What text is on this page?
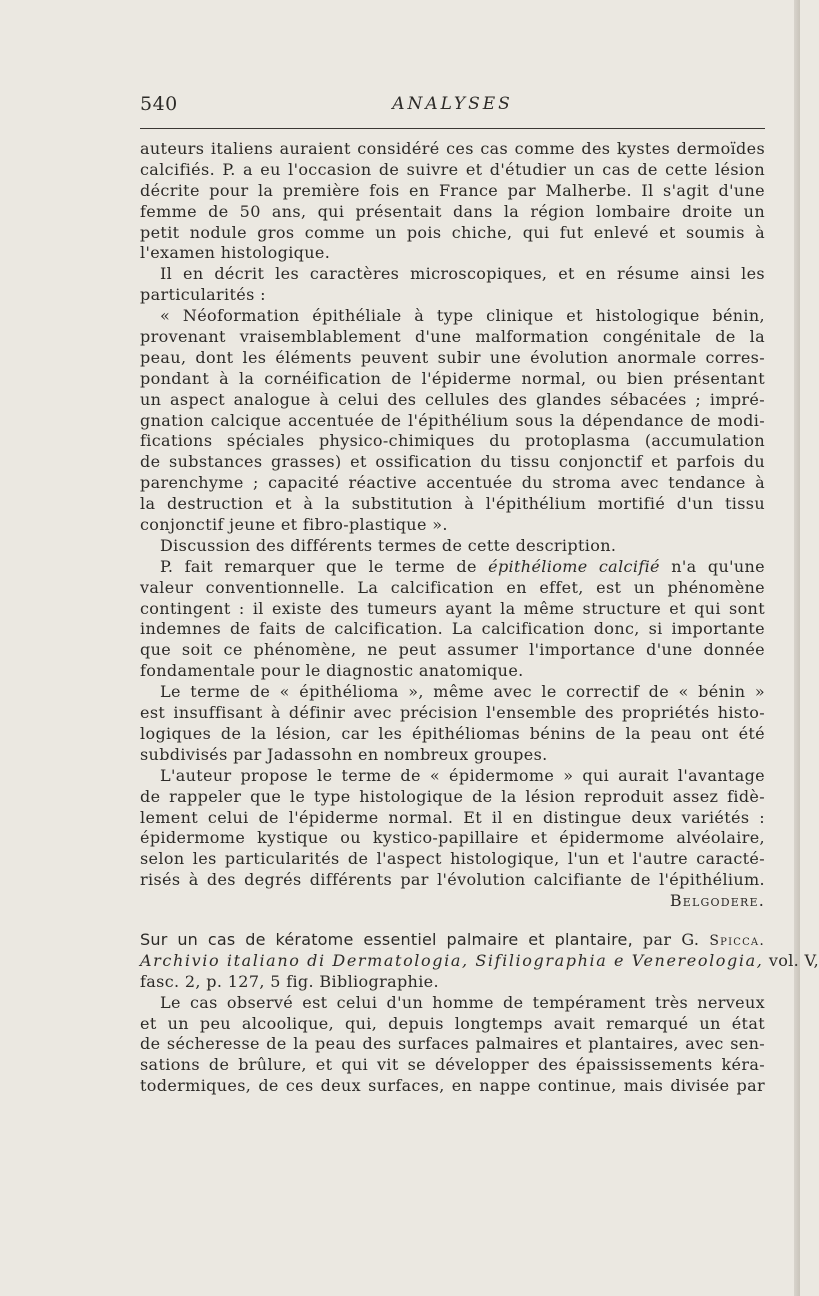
540	ANALYSES
auteurs italiens auraient considéré ces cas comme des kystes dermoïdes
calcifiés. P. a eu l'occasion de suivre et d'étudier un cas de cette lésion
décrite pour la première fois en France par Malherbe. Il s'agit d'une
femme de 50 ans, qui présentait dans la région lombaire droite un
petit nodule gros comme un pois chiche, qui fut enlevé et soumis à
l'examen histologique.
Il en décrit les caractères microscopiques, et en résume ainsi les
particularités :
« Néoformation épithéliale à type clinique et histologique bénin,
provenant vraisemblablement d'une malformation congénitale de la
peau, dont les éléments peuvent subir une évolution anormale corres-
pondant à la cornéification de l'épiderme normal, ou bien présentant
un aspect analogue à celui des cellules des glandes sébacées ; impré-
gnation calcique accentuée de l'épithélium sous la dépendance de modi-
fications spéciales physico-chimiques du protoplasma (accumulation
de substances grasses) et ossification du tissu conjonctif et parfois du
parenchyme ; capacité réactive accentuée du stroma avec tendance à
la destruction et à la substitution à l'épithélium mortifié d'un tissu
conjonctif jeune et fibro-plastique ».
Discussion des différents termes de cette description.
P. fait remarquer que le terme de épithéliome calcifié n'a qu'une
valeur conventionnelle. La calcification en effet, est un phénomène
contingent : il existe des tumeurs ayant la même structure et qui sont
indemnes de faits de calcification. La calcification donc, si importante
que soit ce phénomène, ne peut assumer l'importance d'une donnée
fondamentale pour le diagnostic anatomique.
Le terme de « épithélioma », même avec le correctif de « bénin »
est insuffisant à définir avec précision l'ensemble des propriétés histo-
logiques de la lésion, car les épithéliomas bénins de la peau ont été
subdivisés par Jadassohn en nombreux groupes.
L'auteur propose le terme de « épidermome » qui aurait l'avantage
de rappeler que le type histologique de la lésion reproduit assez fidè-
lement celui de l'épiderme normal. Et il en distingue deux variétés :
épidermome kystique ou kystico-papillaire et épidermome alvéolaire,
selon les particularités de l'aspect histologique, l'un et l'autre caracté-
risés à des degrés différents par l'évolution calcifiante de l'épithélium.
Belgodere.
Sur un cas de kératome essentiel palmaire et plantaire, par G. Spicca.
Archivio italiano di Dermatologia, Sifiliographia e Venereologia, vol. V,
fasc. 2, p. 127, 5 fig. Bibliographie.
Le cas observé est celui d'un homme de tempérament très nerveux
et un peu alcoolique, qui, depuis longtemps avait remarqué un état
de sécheresse de la peau des surfaces palmaires et plantaires, avec sen-
sations de brûlure, et qui vit se développer des épaississements kéra-
todermiques, de ces deux surfaces, en nappe continue, mais divisée par
